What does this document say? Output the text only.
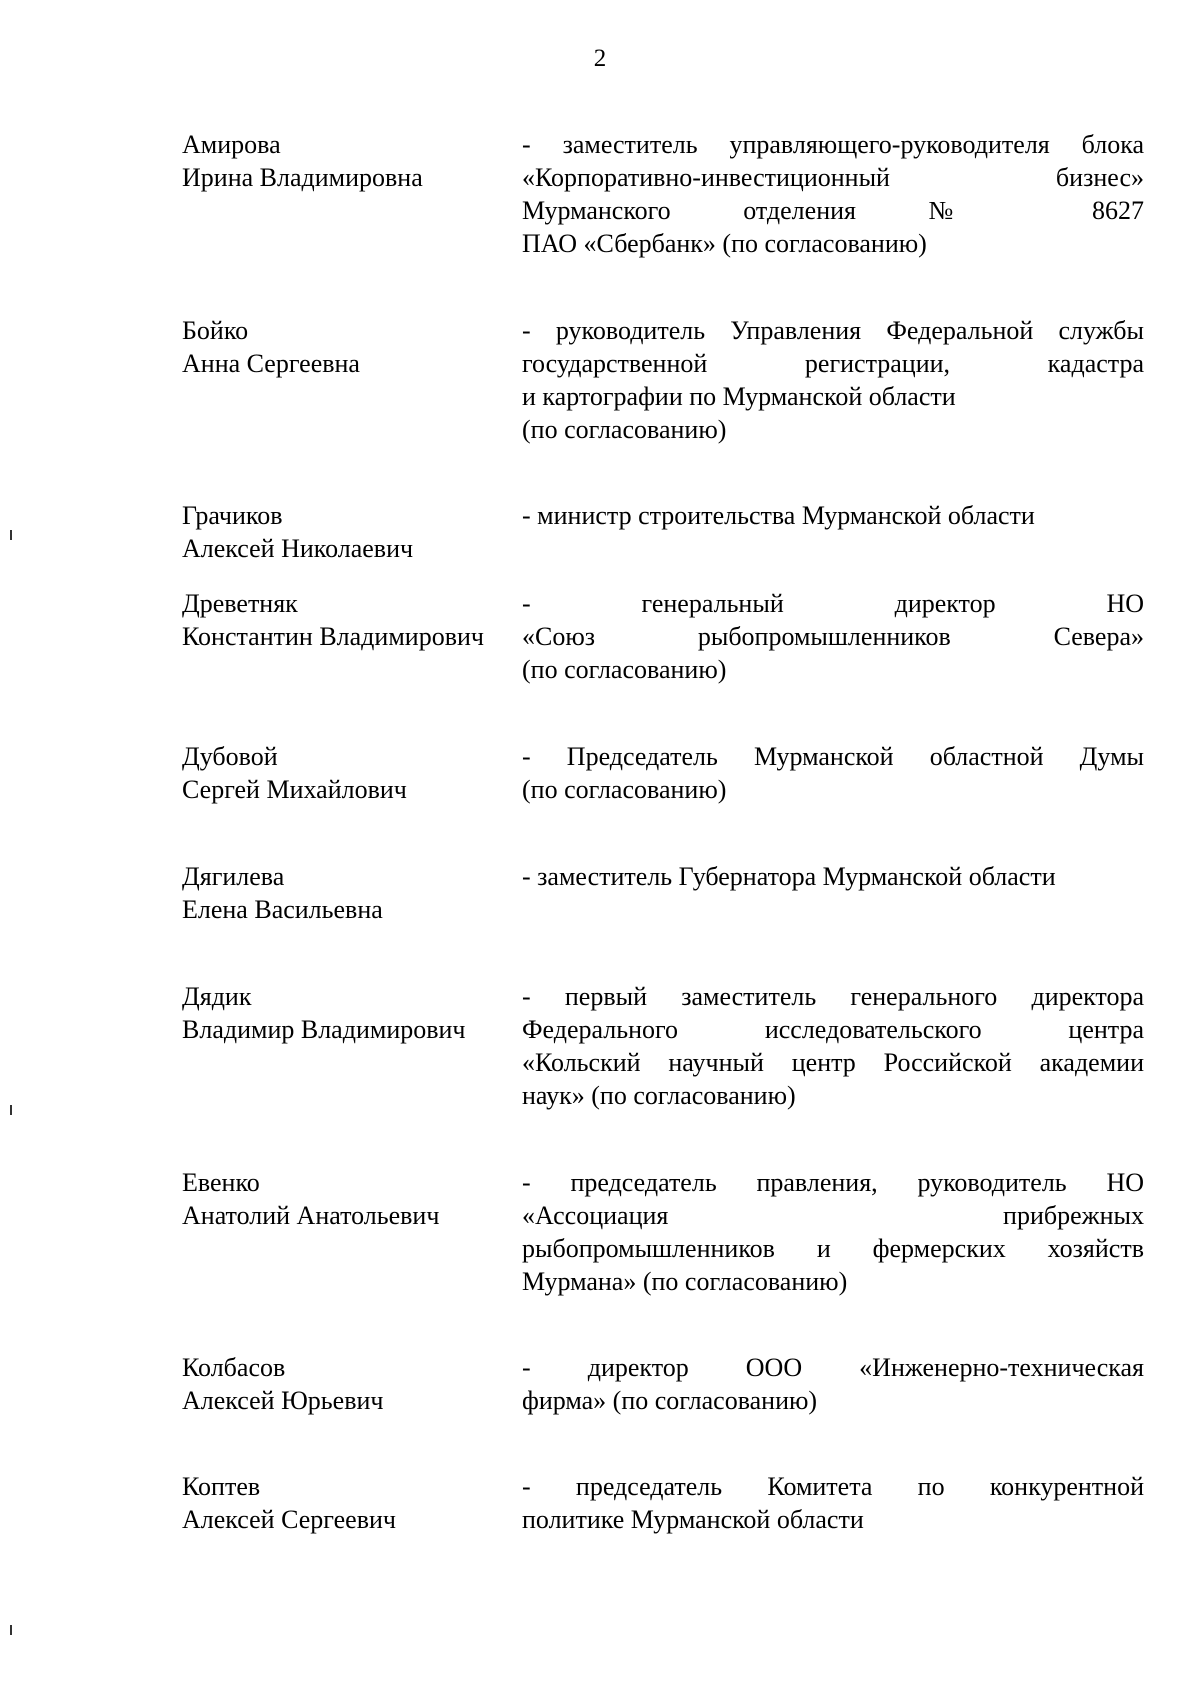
2
Амирова
Ирина Владимировна
- заместитель управляющего-руководителя блока
«Корпоративно-инвестиционный бизнес»
Мурманского отделения № 8627
ПАО «Сбербанк» (по согласованию)
Бойко
Анна Сергеевна
- руководитель Управления Федеральной службы
государственной регистрации, кадастра
и картографии по Мурманской области
(по согласованию)
Грачиков
Алексей Николаевич
- министр строительства Мурманской области
Древетняк
Константин Владимирович
- генеральный директор НО
«Союз рыбопромышленников Севера»
(по согласованию)
Дубовой
Сергей Михайлович
- Председатель Мурманской областной Думы
(по согласованию)
Дягилева
Елена Васильевна
- заместитель Губернатора Мурманской области
Дядик
Владимир Владимирович
- первый заместитель генерального директора
Федерального исследовательского центра
«Кольский научный центр Российской академии
наук» (по согласованию)
Евенко
Анатолий Анатольевич
- председатель правления, руководитель НО
«Ассоциация прибрежных
рыбопромышленников и фермерских хозяйств
Мурмана» (по согласованию)
Колбасов
Алексей Юрьевич
- директор ООО «Инженерно-техническая
фирма» (по согласованию)
Коптев
Алексей Сергеевич
- председатель Комитета по конкурентной
политике Мурманской области
